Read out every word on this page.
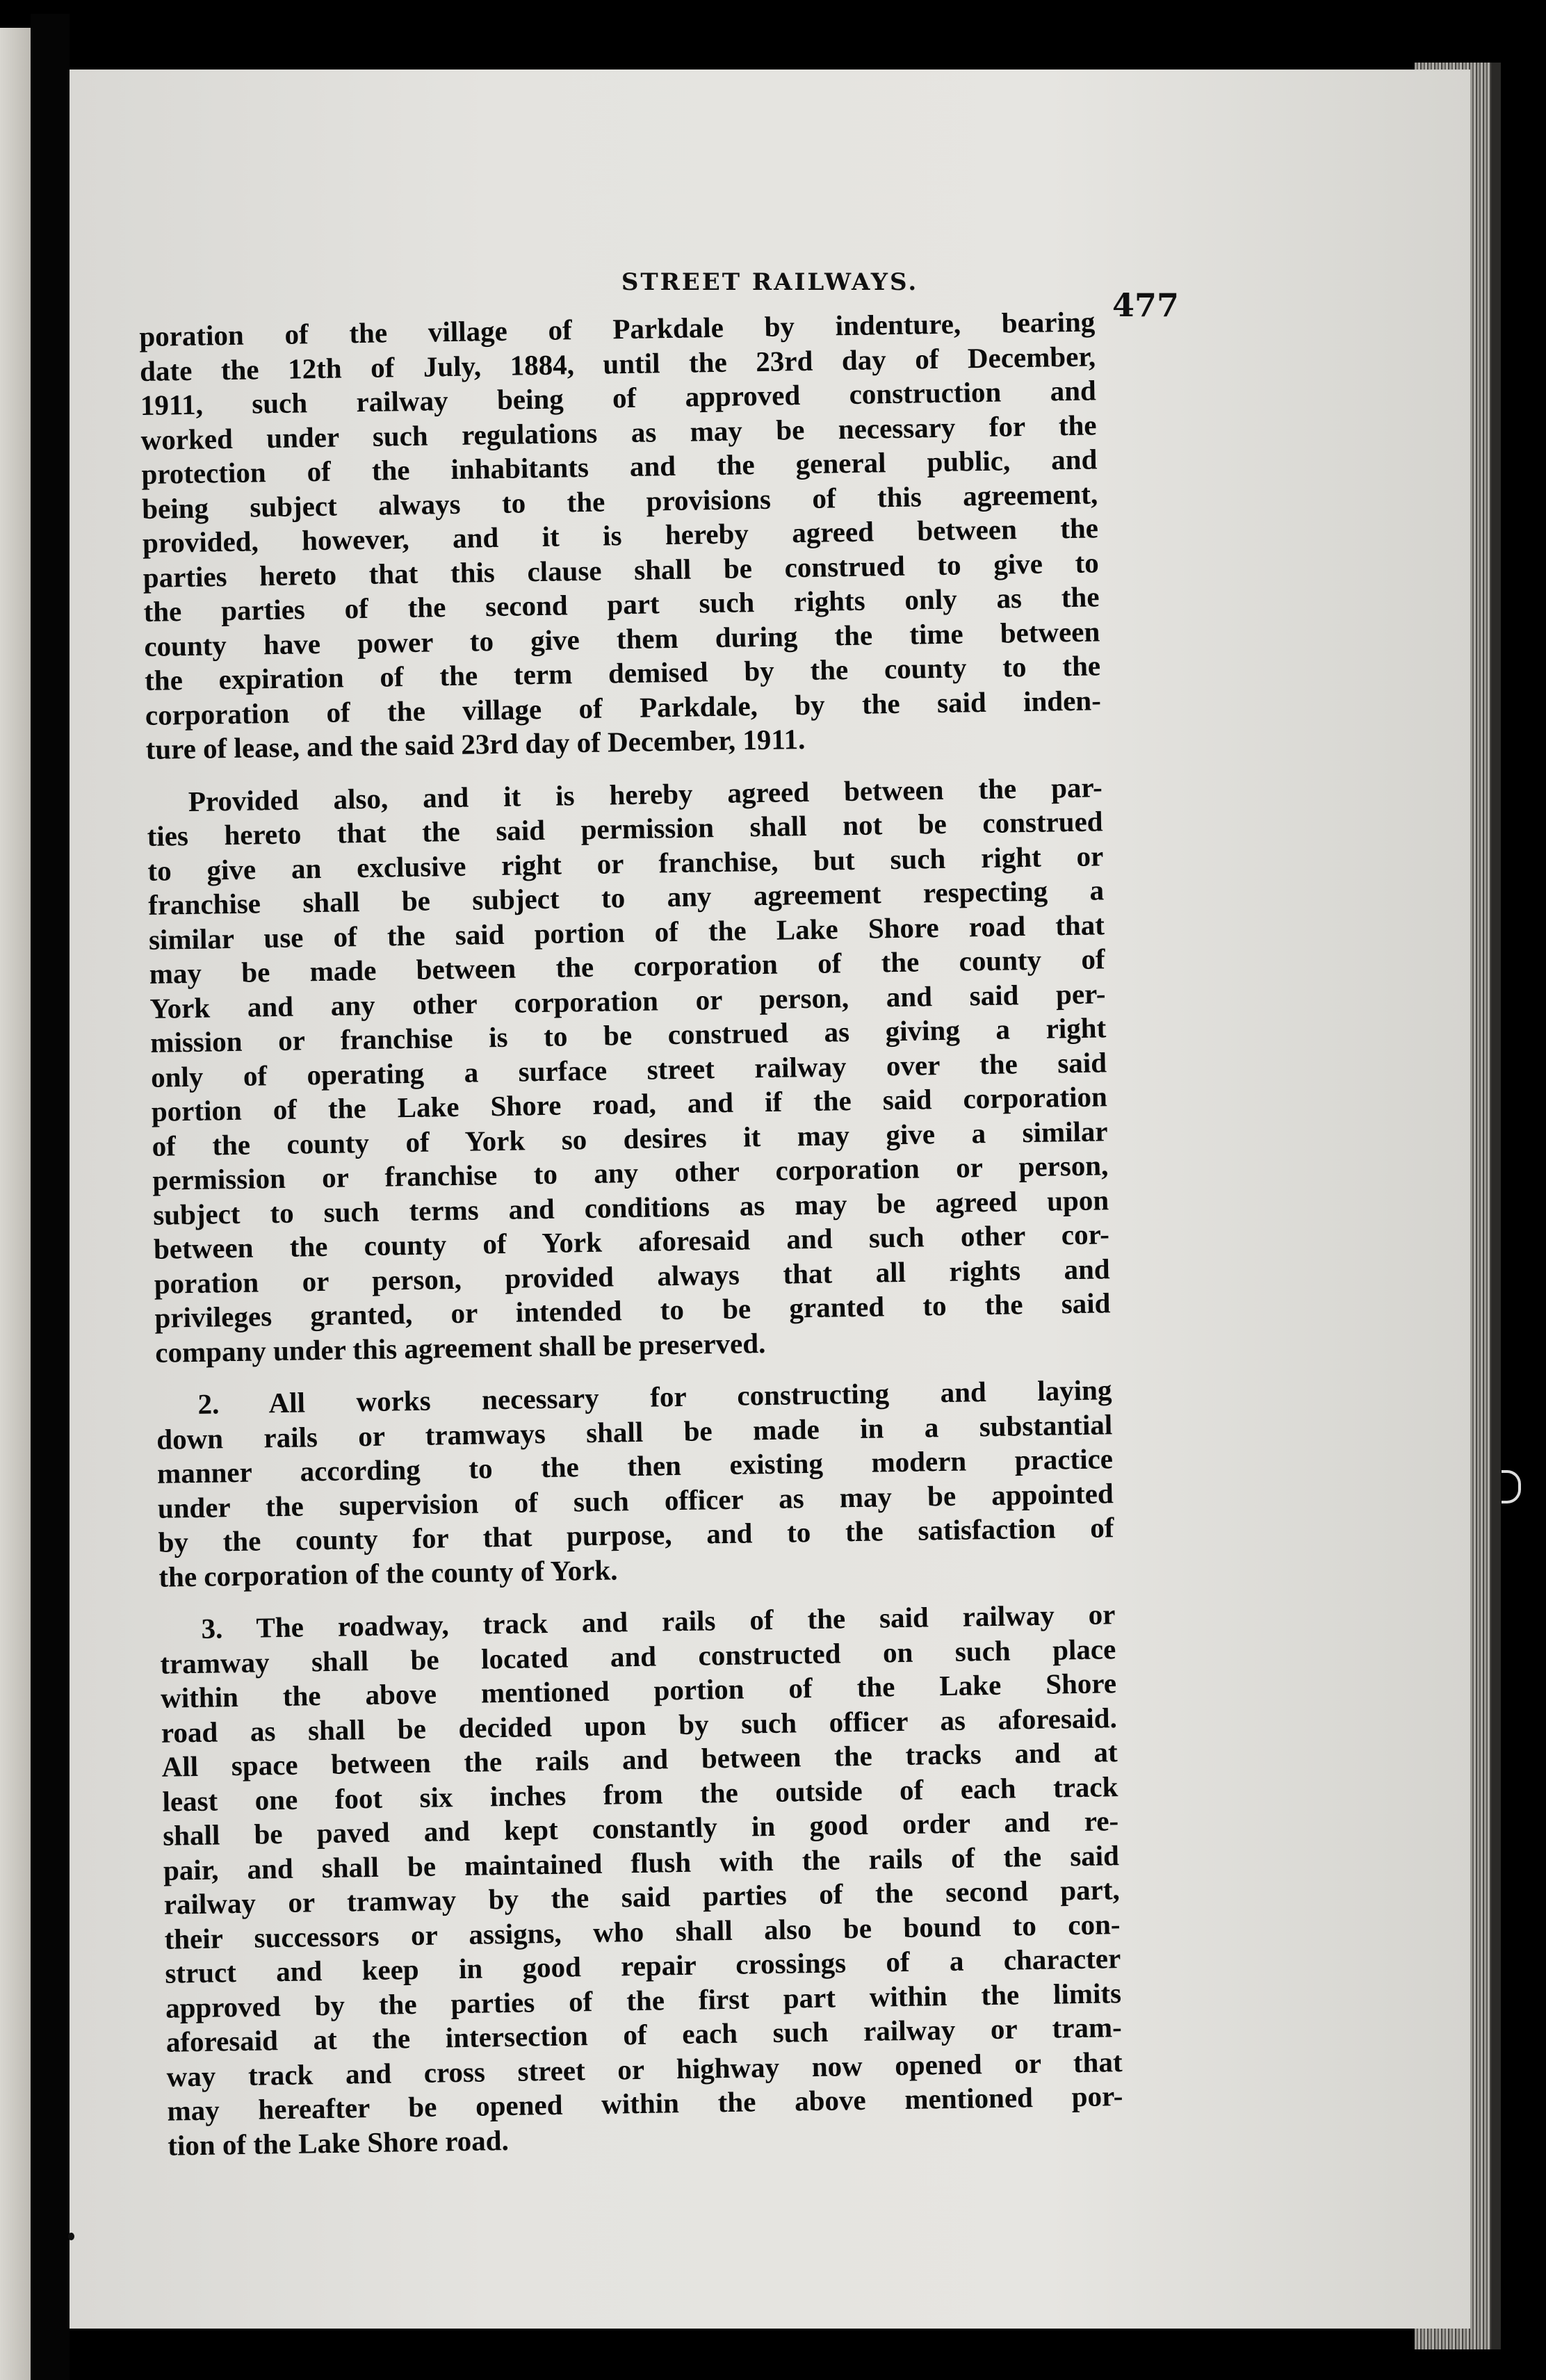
STREET RAILWAYS.
477

poration of the village of Parkdale by indenture, bearing
date the 12th of July, 1884, until the 23rd day of December,
1911, such railway being of approved construction and
worked under such regulations as may be necessary for the
protection of the inhabitants and the general public, and
being subject always to the provisions of this agreement,
provided, however, and it is hereby agreed between the
parties hereto that this clause shall be construed to give to
the parties of the second part such rights only as the
county have power to give them during the time between
the expiration of the term demised by the county to the
corporation of the village of Parkdale, by the said inden-
ture of lease, and the said 23rd day of December, 1911.

Provided also, and it is hereby agreed between the par-
ties hereto that the said permission shall not be construed
to give an exclusive right or franchise, but such right or
franchise shall be subject to any agreement respecting a
similar use of the said portion of the Lake Shore road that
may be made between the corporation of the county of
York and any other corporation or person, and said per-
mission or franchise is to be construed as giving a right
only of operating a surface street railway over the said
portion of the Lake Shore road, and if the said corporation
of the county of York so desires it may give a similar
permission or franchise to any other corporation or person,
subject to such terms and conditions as may be agreed upon
between the county of York aforesaid and such other cor-
poration or person, provided always that all rights and
privileges granted, or intended to be granted to the said
company under this agreement shall be preserved.

2. All works necessary for constructing and laying
down rails or tramways shall be made in a substantial
manner according to the then existing modern practice
under the supervision of such officer as may be appointed
by the county for that purpose, and to the satisfaction of
the corporation of the county of York.

3. The roadway, track and rails of the said railway or
tramway shall be located and constructed on such place
within the above mentioned portion of the Lake Shore
road as shall be decided upon by such officer as aforesaid.
All space between the rails and between the tracks and at
least one foot six inches from the outside of each track
shall be paved and kept constantly in good order and re-
pair, and shall be maintained flush with the rails of the said
railway or tramway by the said parties of the second part,
their successors or assigns, who shall also be bound to con-
struct and keep in good repair crossings of a character
approved by the parties of the first part within the limits
aforesaid at the intersection of each such railway or tram-
way track and cross street or highway now opened or that
may hereafter be opened within the above mentioned por-
tion of the Lake Shore road.
